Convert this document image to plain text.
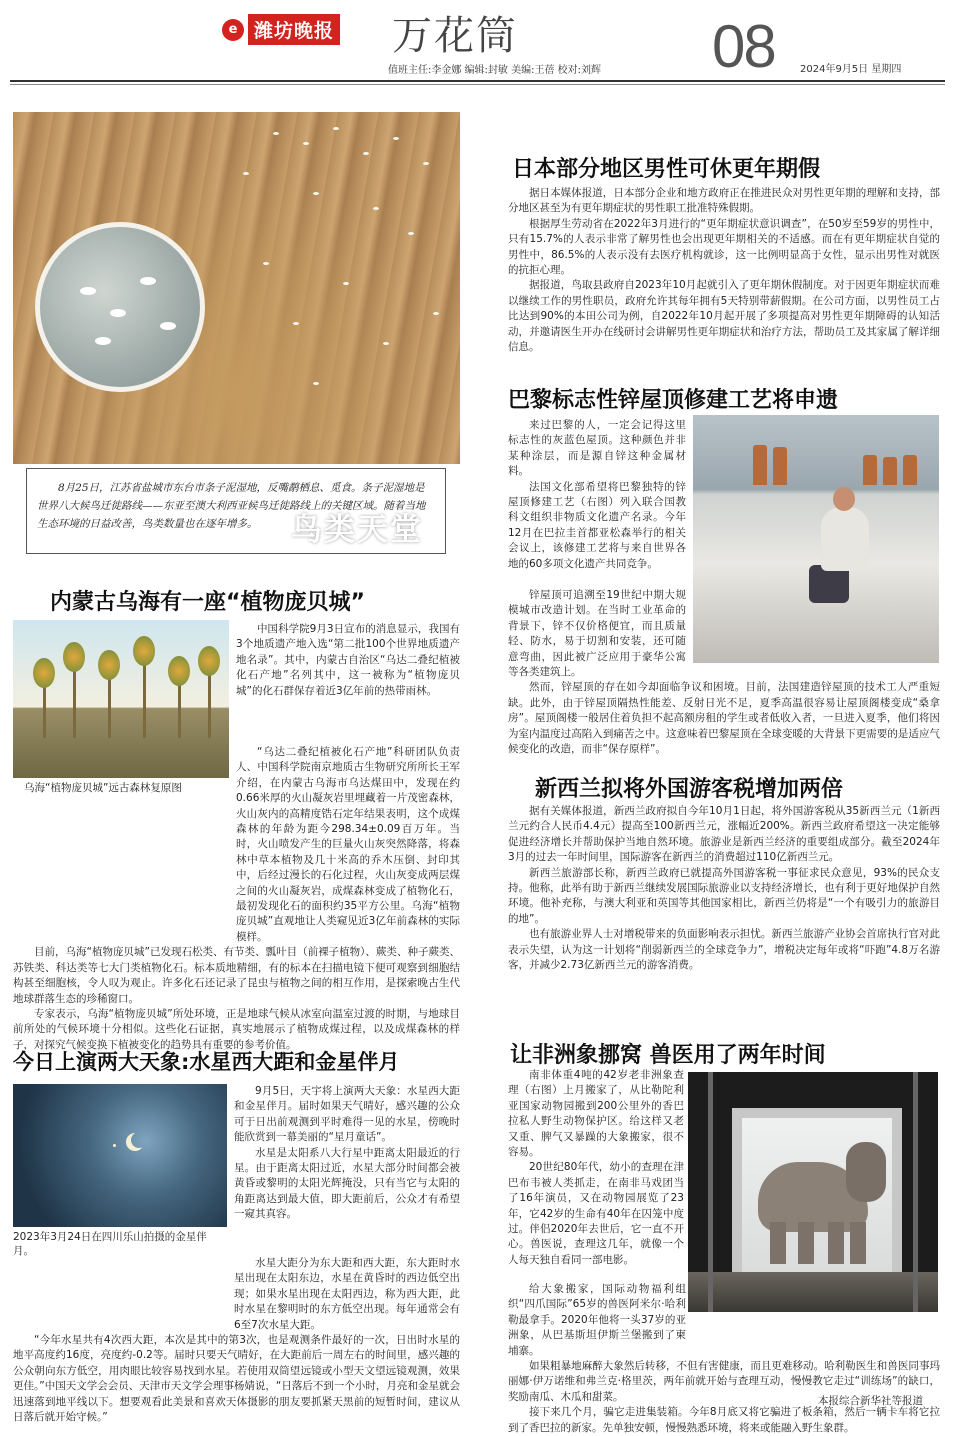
e 潍坊晚报 万花筒	08	2024年9月5日 星期四
值班主任:李金娜 编辑:封敏 美编:王蓓 校对:刘辉
鸟类天堂

8月25日，江苏省盐城市东台市条子泥湿地，反嘴鹬栖息、觅食。条子泥湿地是世界八大候鸟迁徙路线——东亚至澳大利西亚候鸟迁徙路线上的关键区域。随着当地生态环境的日益改善，鸟类数量也在逐年增多。

内蒙古乌海有一座“植物庞贝城”
乌海“植物庞贝城”远古森林复原图

中国科学院9月3日宣布的消息显示，我国有3个地质遗产地入选“第二批100个世界地质遗产地名录”。其中，内蒙古自治区“乌达二叠纪植被化石产地”名列其中，这一被称为“植物庞贝城”的化石群保存着近3亿年前的热带雨林。

“乌达二叠纪植被化石产地”科研团队负责人、中国科学院南京地质古生物研究所所长王军介绍，在内蒙古乌海市乌达煤田中，发现在约0.66米厚的火山凝灰岩里埋藏着一片茂密森林，火山灰内的高精度锆石定年结果表明，这个成煤森林的年龄为距今298.34±0.09百万年。当时，火山喷发产生的巨量火山灰突然降落，将森林中草本植物及几十米高的乔木压倒、封印其中，后经过漫长的石化过程，火山灰变成两层煤之间的火山凝灰岩，成煤森林变成了植物化石，最初发现化石的面积约35平方公里。乌海“植物庞贝城”直观地让人类窥见近3亿年前森林的实际模样。

目前，乌海“植物庞贝城”已发现石松类、有节类、瓢叶目（前裸子植物）、蕨类、种子蕨类、苏铁类、科达类等七大门类植物化石。标本质地精细，有的标本在扫描电镜下便可观察到细胞结构甚至细胞核，令人叹为观止。许多化石还记录了昆虫与植物之间的相互作用，是探索晚古生代地球群落生态的珍稀窗口。

专家表示，乌海“植物庞贝城”所处环境，正是地球气候从冰室向温室过渡的时期，与地球目前所处的气候环境十分相似。这些化石证据，真实地展示了植物成煤过程，以及成煤森林的样子，对探究气候变换下植被变化的趋势具有重要的参考价值。

今日上演两大天象:水星西大距和金星伴月
2023年3月24日在四川乐山拍摄的金星伴月。

9月5日，天宇将上演两大天象：水星西大距和金星伴月。届时如果天气晴好，感兴趣的公众可于日出前观测到平时难得一见的水星，傍晚时能欣赏到一幕美丽的“星月童话”。

水星是太阳系八大行星中距离太阳最近的行星。由于距离太阳过近，水星大部分时间都会被黄昏或黎明的太阳光辉掩没，只有当它与太阳的角距离达到最大值，即大距前后，公众才有希望一窥其真容。

水星大距分为东大距和西大距，东大距时水星出现在太阳东边，水星在黄昏时的西边低空出现；如果水星出现在太阳西边，称为西大距，此时水星在黎明时的东方低空出现。每年通常会有6至7次水星大距。

“今年水星共有4次西大距，本次是其中的第3次，也是观测条件最好的一次，日出时水星的地平高度约16度，亮度约-0.2等。届时只要天气晴好，在大距前后一周左右的时间里，感兴趣的公众朝向东方低空，用肉眼比较容易找到水星。若使用双筒望远镜或小型天文望远镜观测，效果更佳。”中国天文学会会员、天津市天文学会理事杨婧说，“日落后不到一个小时，月亮和金星就会迅速落到地平线以下。想要观看此美景和喜欢天体摄影的朋友要抓紧天黑前的短暂时间，建议从日落后就开始守候。”

日本部分地区男性可休更年期假

据日本媒体报道，日本部分企业和地方政府正在推进民众对男性更年期的理解和支持，部分地区甚至为有更年期症状的男性职工批准特殊假期。

根据厚生劳动省在2022年3月进行的“更年期症状意识调查”，在50岁至59岁的男性中，只有15.7%的人表示非常了解男性也会出现更年期相关的不适感。而在有更年期症状自觉的男性中，86.5%的人表示没有去医疗机构就诊，这一比例明显高于女性，显示出男性对就医的抗拒心理。

据报道，鸟取县政府自2023年10月起就引入了更年期休假制度。对于因更年期症状而难以继续工作的男性职员，政府允许其每年拥有5天特别带薪假期。在公司方面，以男性员工占比达到90%的本田公司为例，自2022年10月起开展了多项提高对男性更年期障碍的认知活动，并邀请医生开办在线研讨会讲解男性更年期症状和治疗方法，帮助员工及其家属了解详细信息。

巴黎标志性锌屋顶修建工艺将申遗

来过巴黎的人，一定会记得这里标志性的灰蓝色屋顶。这种颜色并非某种涂层，而是源自锌这种金属材料。

法国文化部希望将巴黎独特的锌屋顶修建工艺（右图）列入联合国教科文组织非物质文化遗产名录。今年12月在巴拉圭首都亚松森举行的相关会议上，该修建工艺将与来自世界各地的60多项文化遗产共同竞争。

锌屋顶可追溯至19世纪中期大规模城市改造计划。在当时工业革命的背景下，锌不仅价格便宜，而且质量轻、防水，易于切割和安装，还可随意弯曲，因此被广泛应用于豪华公寓等各类建筑上。

然而，锌屋顶的存在如今却面临争议和困境。目前，法国建造锌屋顶的技术工人严重短缺。此外，由于锌屋顶隔热性能差、反射日光不足，夏季高温很容易让屋顶阁楼变成“桑拿房”。屋顶阁楼一般居住着负担不起高额房租的学生或者低收入者，一旦进入夏季，他们将因为室内温度过高陷入到痛苦之中。这意味着巴黎屋顶在全球变暖的大背景下更需要的是适应气候变化的改造，而非“保存原样”。

新西兰拟将外国游客税增加两倍

据有关媒体报道，新西兰政府拟自今年10月1日起，将外国游客税从35新西兰元（1新西兰元约合人民币4.4元）提高至100新西兰元，涨幅近200%。新西兰政府希望这一决定能够促进经济增长并帮助保护当地自然环境。旅游业是新西兰经济的重要组成部分。截至2024年3月的过去一年时间里，国际游客在新西兰的消费超过110亿新西兰元。

新西兰旅游部长称，新西兰政府已就提高外国游客税一事征求民众意见，93%的民众支持。他称，此举有助于新西兰继续发展国际旅游业以支持经济增长，也有利于更好地保护自然环境。他补充称，与澳大利亚和英国等其他国家相比，新西兰仍将是“一个有吸引力的旅游目的地”。

也有旅游业界人士对增税带来的负面影响表示担忧。新西兰旅游产业协会首席执行官对此表示失望，认为这一计划将“削弱新西兰的全球竞争力”，增税决定每年或将“吓跑”4.8万名游客，并减少2.73亿新西兰元的游客消费。

让非洲象挪窝 兽医用了两年时间

南非体重4吨的42岁老非洲象查理（右图）上月搬家了，从比勒陀利亚国家动物园搬到200公里外的香巴拉私人野生动物保护区。给这样又老又重、脾气又暴躁的大象搬家，很不容易。

20世纪80年代，幼小的查理在津巴布韦被人类抓走，在南非马戏团当了16年演员，又在动物园展览了23年，它42岁的生命有40年在囚笼中度过。伴侣2020年去世后，它一直不开心。兽医说，查理这几年，就像一个人每天独自看同一部电影。

给大象搬家，国际动物福利组织“四爪国际”65岁的兽医阿米尔·哈利勒最拿手。2020年他将一头37岁的亚洲象，从巴基斯坦伊斯兰堡搬到了柬埔寨。

如果粗暴地麻醉大象然后转移，不但有害健康，而且更难移动。哈利勒医生和兽医同事玛丽娜·伊万诺维和弗兰克·格里茨，两年前就开始与查理互动，慢慢教它走过“训练场”的缺口，奖励南瓜、木瓜和甜菜。

接下来几个月，骗它走进集装箱。今年8月底又将它骗进了板条箱，然后一辆卡车将它拉到了香巴拉的新家。先单独安顿，慢慢熟悉环境，将来或能融入野生象群。

本报综合新华社等报道
